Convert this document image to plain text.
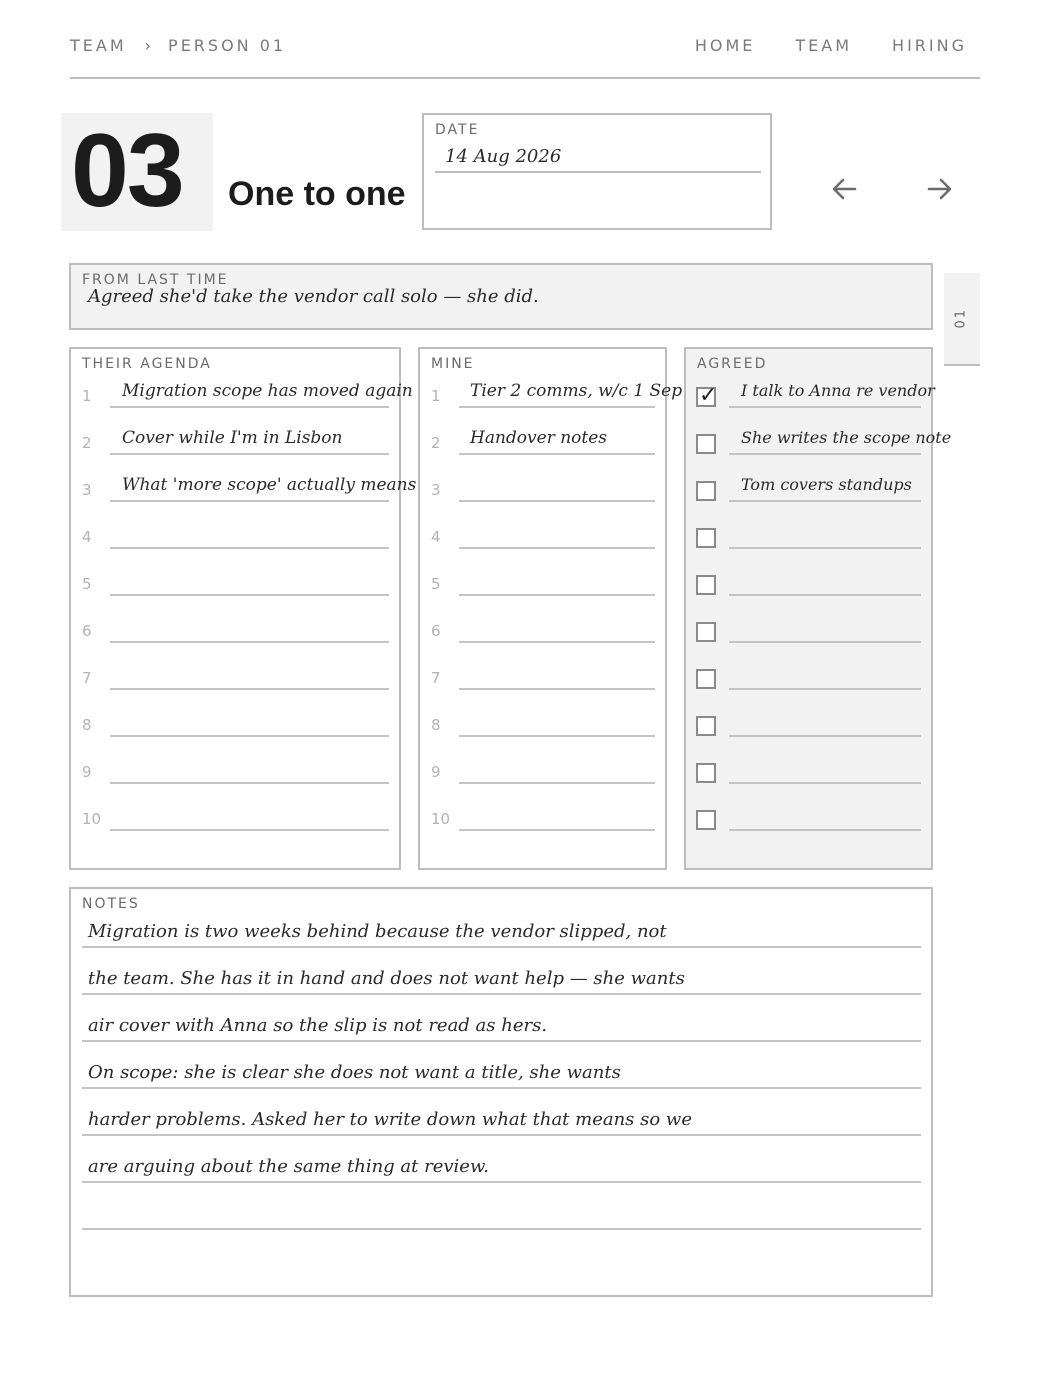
TEAM › PERSON 01	HOME	TEAM	HIRING
03 One to one
DATE
14 Aug 2026
FROM LAST TIME
Agreed she'd take the vendor call solo — she did.
01
THEIR AGENDA
1 Migration scope has moved again
2 Cover while I'm in Lisbon
3 What 'more scope' actually means
4
5
6
7
8
9
10
MINE
1 Tier 2 comms, w/c 1 Sep
2 Handover notes
3
4
5
6
7
8
9
10
AGREED
✓ I talk to Anna re vendor
She writes the scope note
Tom covers standups
NOTES
Migration is two weeks behind because the vendor slipped, not
the team. She has it in hand and does not want help — she wants
air cover with Anna so the slip is not read as hers.
On scope: she is clear she does not want a title, she wants
harder problems. Asked her to write down what that means so we
are arguing about the same thing at review.
